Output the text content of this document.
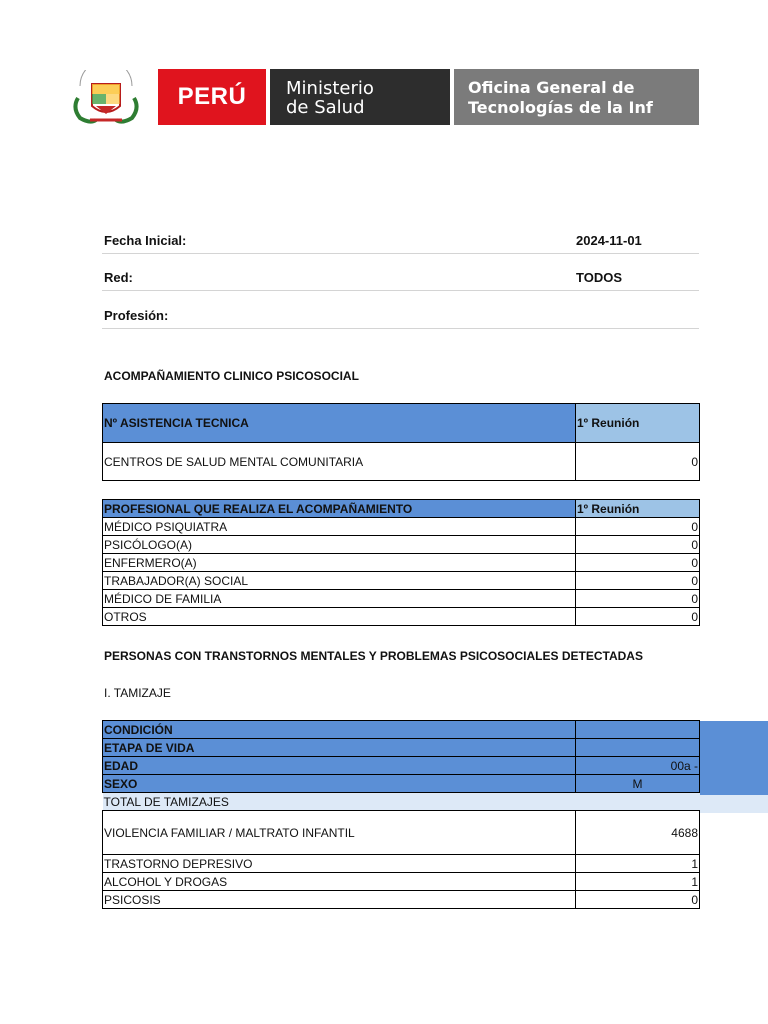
PERÚ Ministerio
de Salud
Oficina General de
Tecnologías de la Inf
Fecha Inicial:	2024-11-01
Red:	TODOS
Profesión:
ACOMPAÑAMIENTO CLINICO PSICOSOCIAL
Nº ASISTENCIA TECNICA	1º Reunión
CENTROS DE SALUD MENTAL COMUNITARIA	0
PROFESIONAL QUE REALIZA EL ACOMPAÑAMIENTO	1º Reunión
MÉDICO PSIQUIATRA	0
PSICÓLOGO(A)	0
ENFERMERO(A)	0
TRABAJADOR(A) SOCIAL	0
MÉDICO DE FAMILIA	0
OTROS	0
PERSONAS CON TRANSTORNOS MENTALES Y PROBLEMAS PSICOSOCIALES DETECTADAS
I. TAMIZAJE
CONDICIÓN	
ETAPA DE VIDA	
EDAD	00a -
SEXO	M
TOTAL DE TAMIZAJES	
VIOLENCIA FAMILIAR / MALTRATO INFANTIL	4688
TRASTORNO DEPRESIVO	1
ALCOHOL Y DROGAS	1
PSICOSIS	0
